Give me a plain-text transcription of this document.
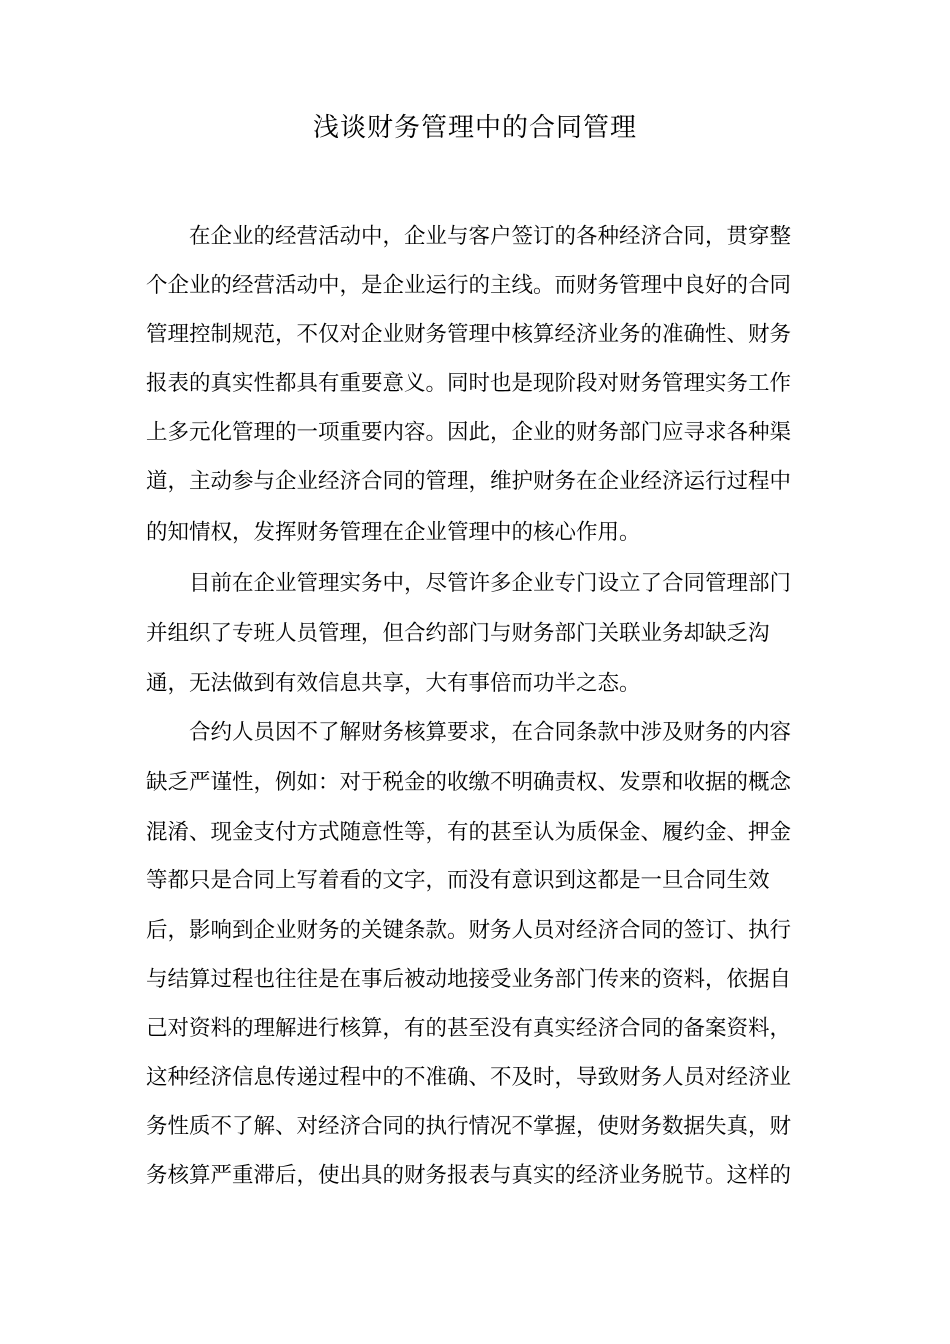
浅谈财务管理中的合同管理

在企业的经营活动中，企业与客户签订的各种经济合同，贯穿整

个企业的经营活动中，是企业运行的主线。而财务管理中良好的合同

管理控制规范，不仅对企业财务管理中核算经济业务的准确性、财务

报表的真实性都具有重要意义。同时也是现阶段对财务管理实务工作

上多元化管理的一项重要内容。因此，企业的财务部门应寻求各种渠

道，主动参与企业经济合同的管理，维护财务在企业经济运行过程中

的知情权，发挥财务管理在企业管理中的核心作用。

目前在企业管理实务中，尽管许多企业专门设立了合同管理部门

并组织了专班人员管理，但合约部门与财务部门关联业务却缺乏沟

通，无法做到有效信息共享，大有事倍而功半之态。

合约人员因不了解财务核算要求，在合同条款中涉及财务的内容

缺乏严谨性，例如：对于税金的收缴不明确责权、发票和收据的概念

混淆、现金支付方式随意性等，有的甚至认为质保金、履约金、押金

等都只是合同上写着看的文字，而没有意识到这都是一旦合同生效

后，影响到企业财务的关键条款。财务人员对经济合同的签订、执行

与结算过程也往往是在事后被动地接受业务部门传来的资料，依据自

己对资料的理解进行核算，有的甚至没有真实经济合同的备案资料，

这种经济信息传递过程中的不准确、不及时，导致财务人员对经济业

务性质不了解、对经济合同的执行情况不掌握，使财务数据失真，财

务核算严重滞后，使出具的财务报表与真实的经济业务脱节。这样的
